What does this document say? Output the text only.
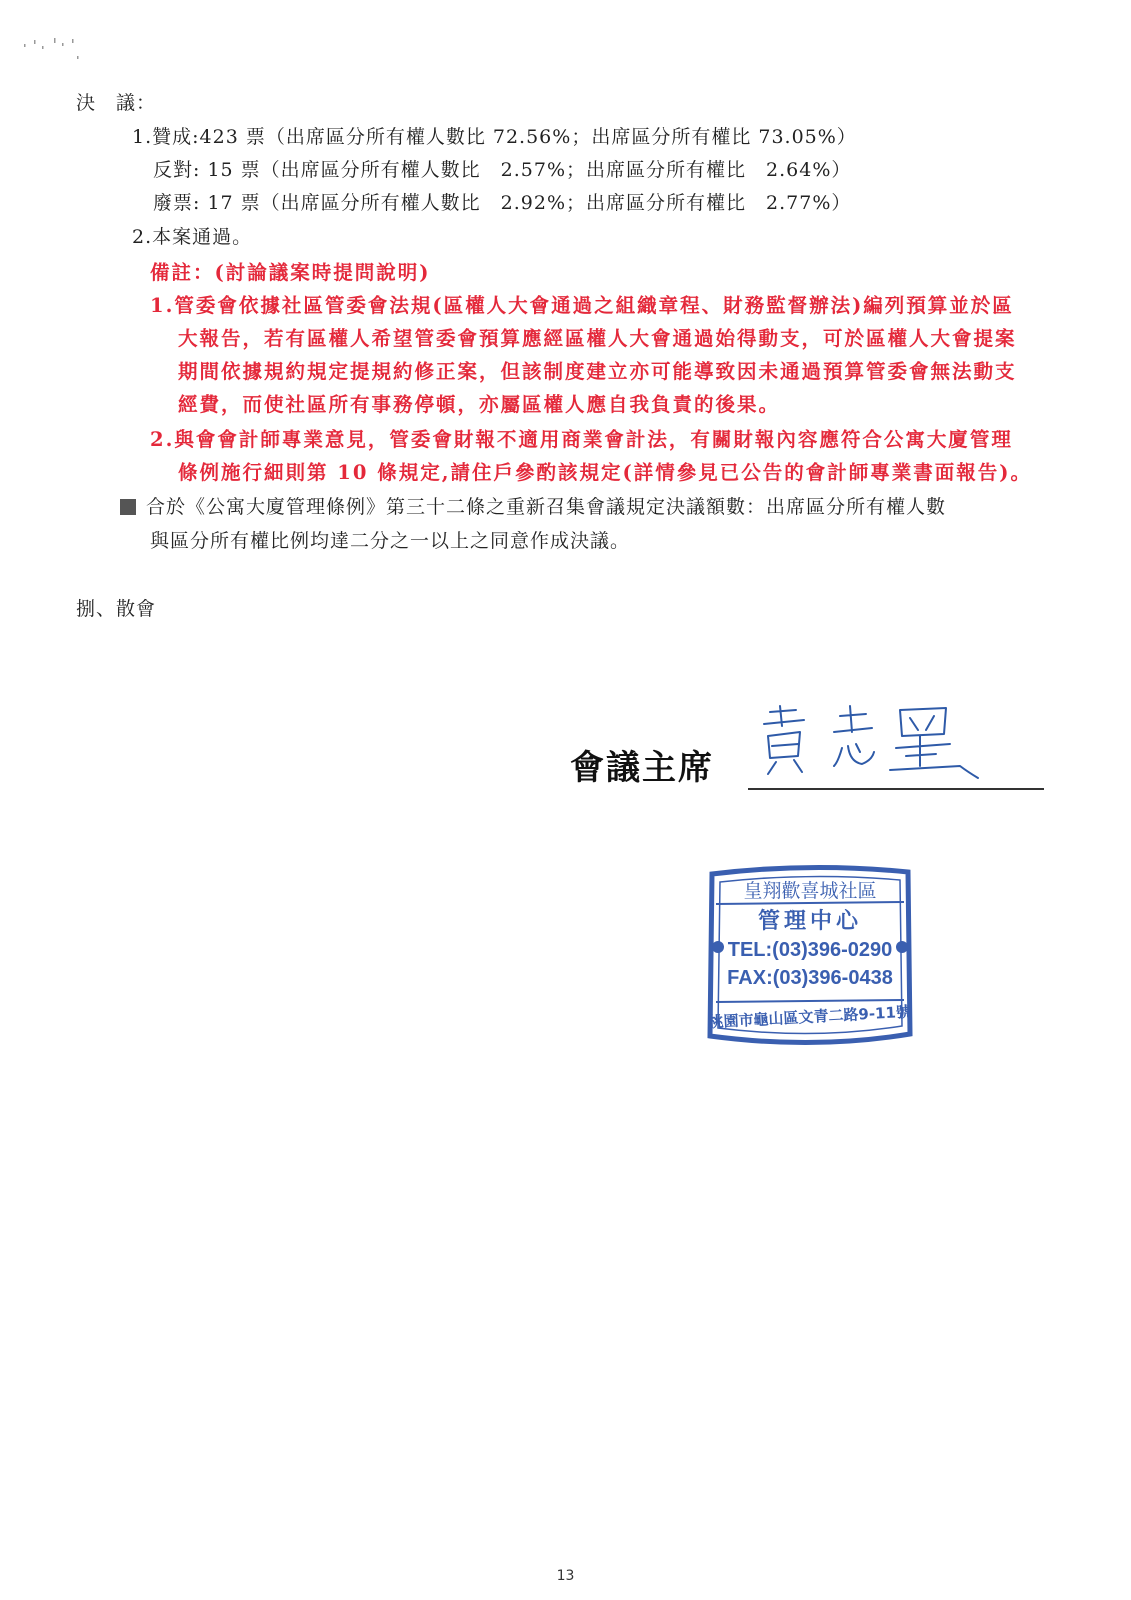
決　議：
1.贊成:423 票（出席區分所有權人數比 72.56%；出席區分所有權比 73.05%）
反對: 15 票（出席區分所有權人數比　2.57%；出席區分所有權比　2.64%）
廢票: 17 票（出席區分所有權人數比　2.92%；出席區分所有權比　2.77%）
2.本案通過。
備註：(討論議案時提問說明)
1.管委會依據社區管委會法規(區權人大會通過之組織章程、財務監督辦法)編列預算並於區
大報告，若有區權人希望管委會預算應經區權人大會通過始得動支，可於區權人大會提案
期間依據規約規定提規約修正案，但該制度建立亦可能導致因未通過預算管委會無法動支
經費，而使社區所有事務停頓，亦屬區權人應自我負責的後果。
2.與會會計師專業意見，管委會財報不適用商業會計法，有關財報內容應符合公寓大廈管理
條例施行細則第 10 條規定,請住戶參酌該規定(詳情參見已公告的會計師專業書面報告)。
合於《公寓大廈管理條例》第三十二條之重新召集會議規定決議額數：出席區分所有權人數
與區分所有權比例均達二分之一以上之同意作成決議。
捌、散會
會議主席
皇翔歡喜城社區
管理中心
TEL:(03)396-0290
FAX:(03)396-0438
桃園市龜山區文青二路9-11號
13
